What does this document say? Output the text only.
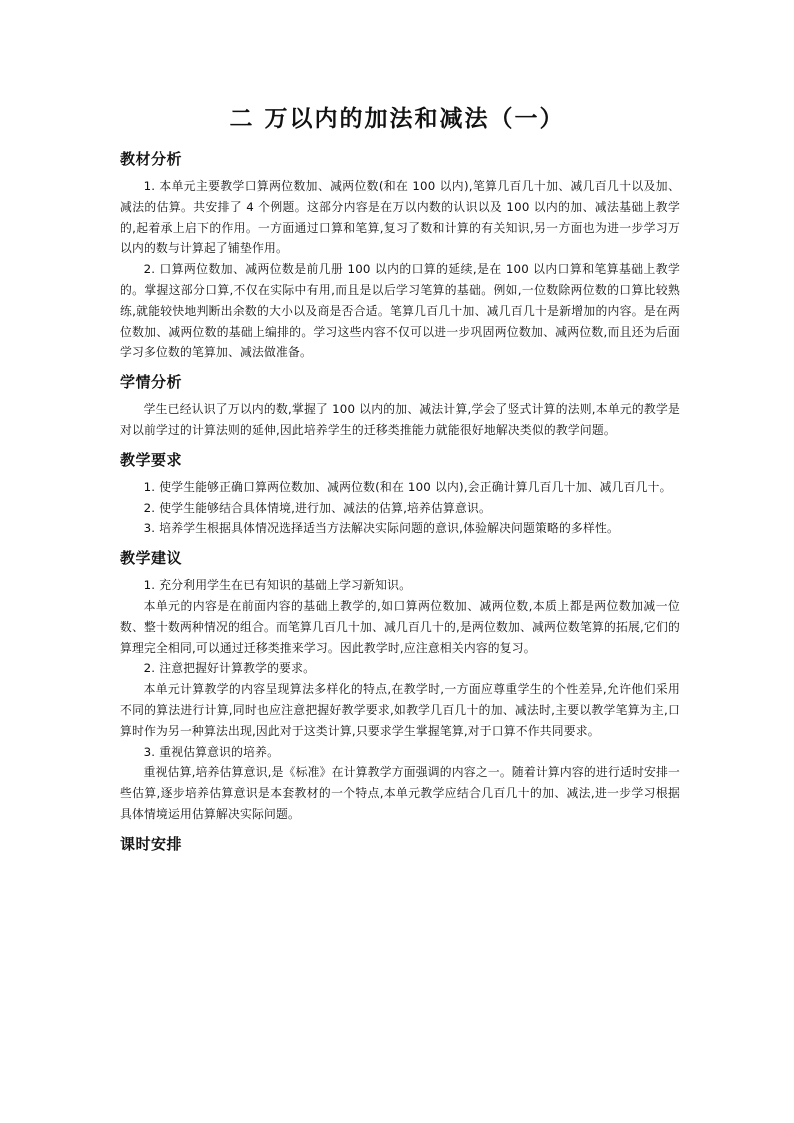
二 万以内的加法和减法（一）
教材分析

1. 本单元主要教学口算两位数加、减两位数(和在 100 以内),笔算几百几十加、减几百几十以及加、减法的估算。共安排了 4 个例题。这部分内容是在万以内数的认识以及 100 以内的加、减法基础上教学的,起着承上启下的作用。一方面通过口算和笔算,复习了数和计算的有关知识,另一方面也为进一步学习万以内的数与计算起了铺垫作用。

2. 口算两位数加、减两位数是前几册 100 以内的口算的延续,是在 100 以内口算和笔算基础上教学的。掌握这部分口算,不仅在实际中有用,而且是以后学习笔算的基础。例如,一位数除两位数的口算比较熟练,就能较快地判断出余数的大小以及商是否合适。笔算几百几十加、减几百几十是新增加的内容。是在两位数加、减两位数的基础上编排的。学习这些内容不仅可以进一步巩固两位数加、减两位数,而且还为后面学习多位数的笔算加、减法做准备。

学情分析

学生已经认识了万以内的数,掌握了 100 以内的加、减法计算,学会了竖式计算的法则,本单元的教学是对以前学过的计算法则的延伸,因此培养学生的迁移类推能力就能很好地解决类似的教学问题。

教学要求

1. 使学生能够正确口算两位数加、减两位数(和在 100 以内),会正确计算几百几十加、减几百几十。

2. 使学生能够结合具体情境,进行加、减法的估算,培养估算意识。

3. 培养学生根据具体情况选择适当方法解决实际问题的意识,体验解决问题策略的多样性。

教学建议

1. 充分利用学生在已有知识的基础上学习新知识。

本单元的内容是在前面内容的基础上教学的,如口算两位数加、减两位数,本质上都是两位数加减一位数、整十数两种情况的组合。而笔算几百几十加、减几百几十的,是两位数加、减两位数笔算的拓展,它们的算理完全相同,可以通过迁移类推来学习。因此教学时,应注意相关内容的复习。

2. 注意把握好计算教学的要求。

本单元计算教学的内容呈现算法多样化的特点,在教学时,一方面应尊重学生的个性差异,允许他们采用不同的算法进行计算,同时也应注意把握好教学要求,如教学几百几十的加、减法时,主要以教学笔算为主,口算时作为另一种算法出现,因此对于这类计算,只要求学生掌握笔算,对于口算不作共同要求。

3. 重视估算意识的培养。

重视估算,培养估算意识,是《标准》在计算教学方面强调的内容之一。随着计算内容的进行适时安排一些估算,逐步培养估算意识是本套教材的一个特点,本单元教学应结合几百几十的加、减法,进一步学习根据具体情境运用估算解决实际问题。

课时安排
